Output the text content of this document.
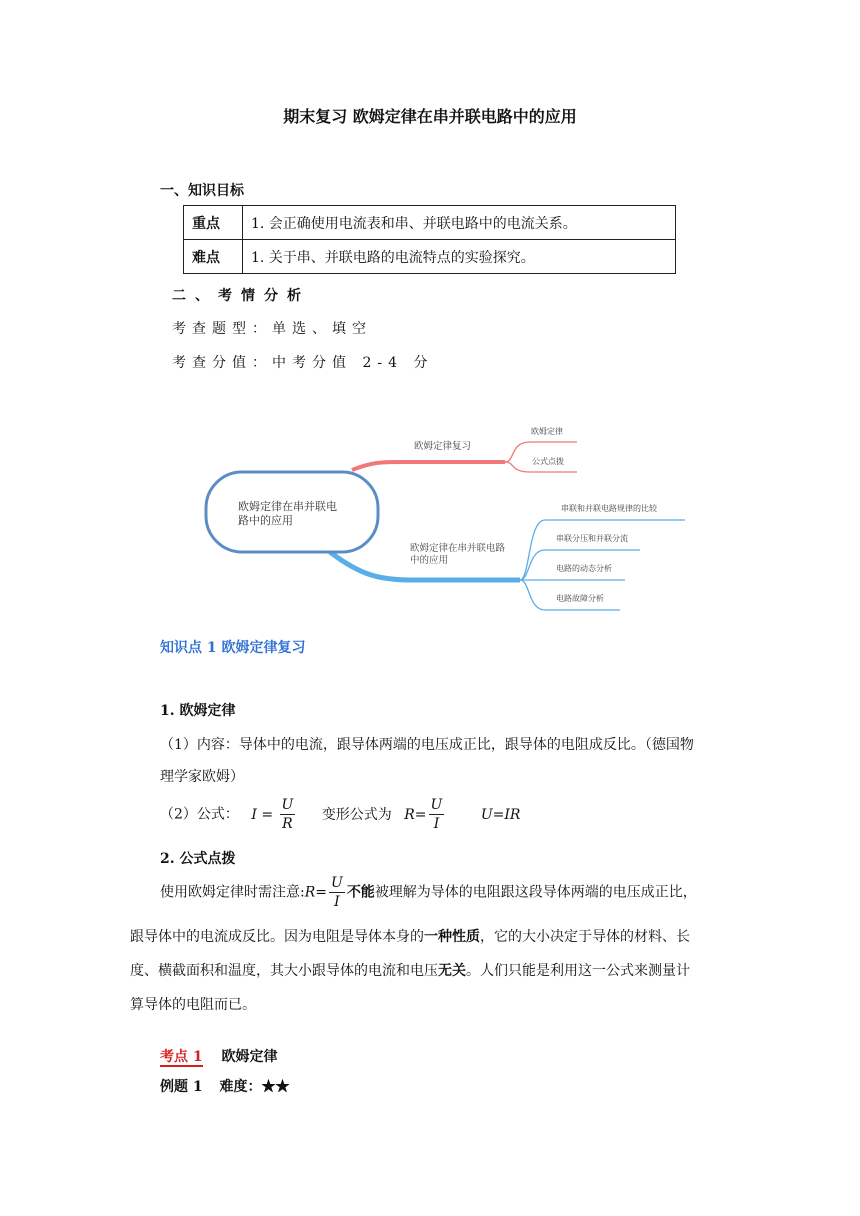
期末复习 欧姆定律在串并联电路中的应用
一、知识目标
重点	1. 会正确使用电流表和串、并联电路中的电流关系。
难点	1. 关于串、并联电路的电流特点的实验探究。
二、考情分析
考查题型：单选、填空
考查分值：中考分值 2-4 分
欧姆定律在串并联电
路中的应用
欧姆定律复习
欧姆定律
公式点拨
欧姆定律在串并联电路
中的应用
串联和并联电路规律的比较
串联分压和并联分流
电路的动态分析
电路故障分析
知识点 1 欧姆定律复习
1. 欧姆定律
（1）内容：导体中的电流，跟导体两端的电压成正比，跟导体的电阻成反比。（德国物
理学家欧姆）
（2）公式： $I = \frac{U}{R}$ 变形公式为 $R= \frac{U}{I}$	U=IR
2. 公式点拨
使用欧姆定律时需注意:R= $\frac{U}{I}$ 不能被理解为导体的电阻跟这段导体两端的电压成正比，
跟导体中的电流成反比。因为电阻是导体本身的一种性质，它的大小决定于导体的材料、长
度、横截面积和温度，其大小跟导体的电流和电压无关。人们只能是利用这一公式来测量计
算导体的电阻而已。
考点 1 欧姆定律
例题 1 难度：★★
